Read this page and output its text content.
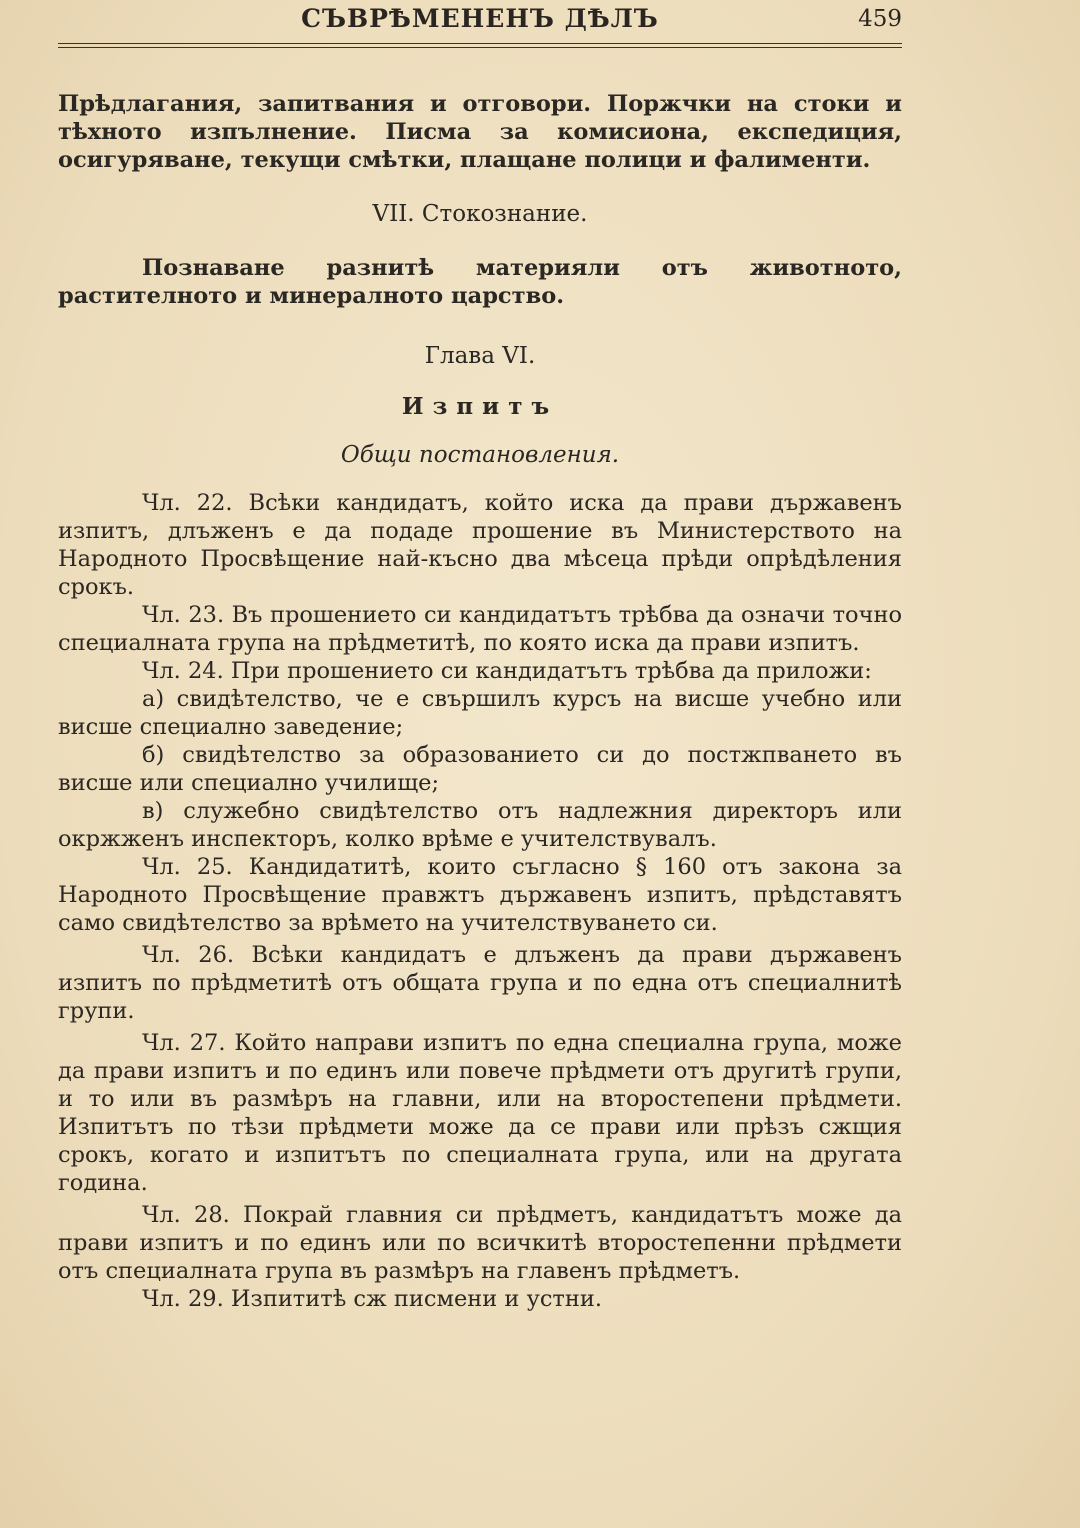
СЪВРѢМЕНЕНЪ ДѢЛЪ	459

Прѣдлагания, запитвания и отговори. Поржчки на стоки и тѣхното изпълнение. Писма за комисиона, експедиция, осигуряване, текущи смѣтки, плащане полици и фалименти.

VII. Стокознание.

Познаване разнитѣ материяли отъ животното, растителното и минералното царство.

Глава VI.
Изпитъ
Общи постановления.

Чл. 22. Всѣки кандидатъ, който иска да прави държавенъ изпитъ, длъженъ е да подаде прошение въ Министерството на Народното Просвѣщение най-късно два мѣсеца прѣди опрѣдѣления срокъ.

Чл. 23. Въ прошението си кандидатътъ трѣбва да означи точно специалната група на прѣдметитѣ, по която иска да прави изпитъ.

Чл. 24. При прошението си кандидатътъ трѣбва да приложи:

а) свидѣтелство, че е свършилъ курсъ на висше учебно или висше специално заведение;

б) свидѣтелство за образованието си до постжпването въ висше или специално училище;

в) служебно свидѣтелство отъ надлежния директоръ или окржженъ инспекторъ, колко врѣме е учителствувалъ.

Чл. 25. Кандидатитѣ, които съгласно § 160 отъ закона за Народното Просвѣщение правжтъ държавенъ изпитъ, прѣдставятъ само свидѣтелство за врѣмето на учителствуването си.

Чл. 26. Всѣки кандидатъ е длъженъ да прави държавенъ изпитъ по прѣдметитѣ отъ общата група и по една отъ специалнитѣ групи.

Чл. 27. Който направи изпитъ по една специална група, може да прави изпитъ и по единъ или повече прѣдмети отъ другитѣ групи, и то или въ размѣръ на главни, или на второстепени прѣдмети. Изпитътъ по тѣзи прѣдмети може да се прави или прѣзъ сжщия срокъ, когато и изпитътъ по специалната група, или на другата година.

Чл. 28. Покрай главния си прѣдметъ, кандидатътъ може да прави изпитъ и по единъ или по всичкитѣ второстепенни прѣдмети отъ специалната група въ размѣръ на главенъ прѣдметъ.

Чл. 29. Изпититѣ сж писмени и устни.
